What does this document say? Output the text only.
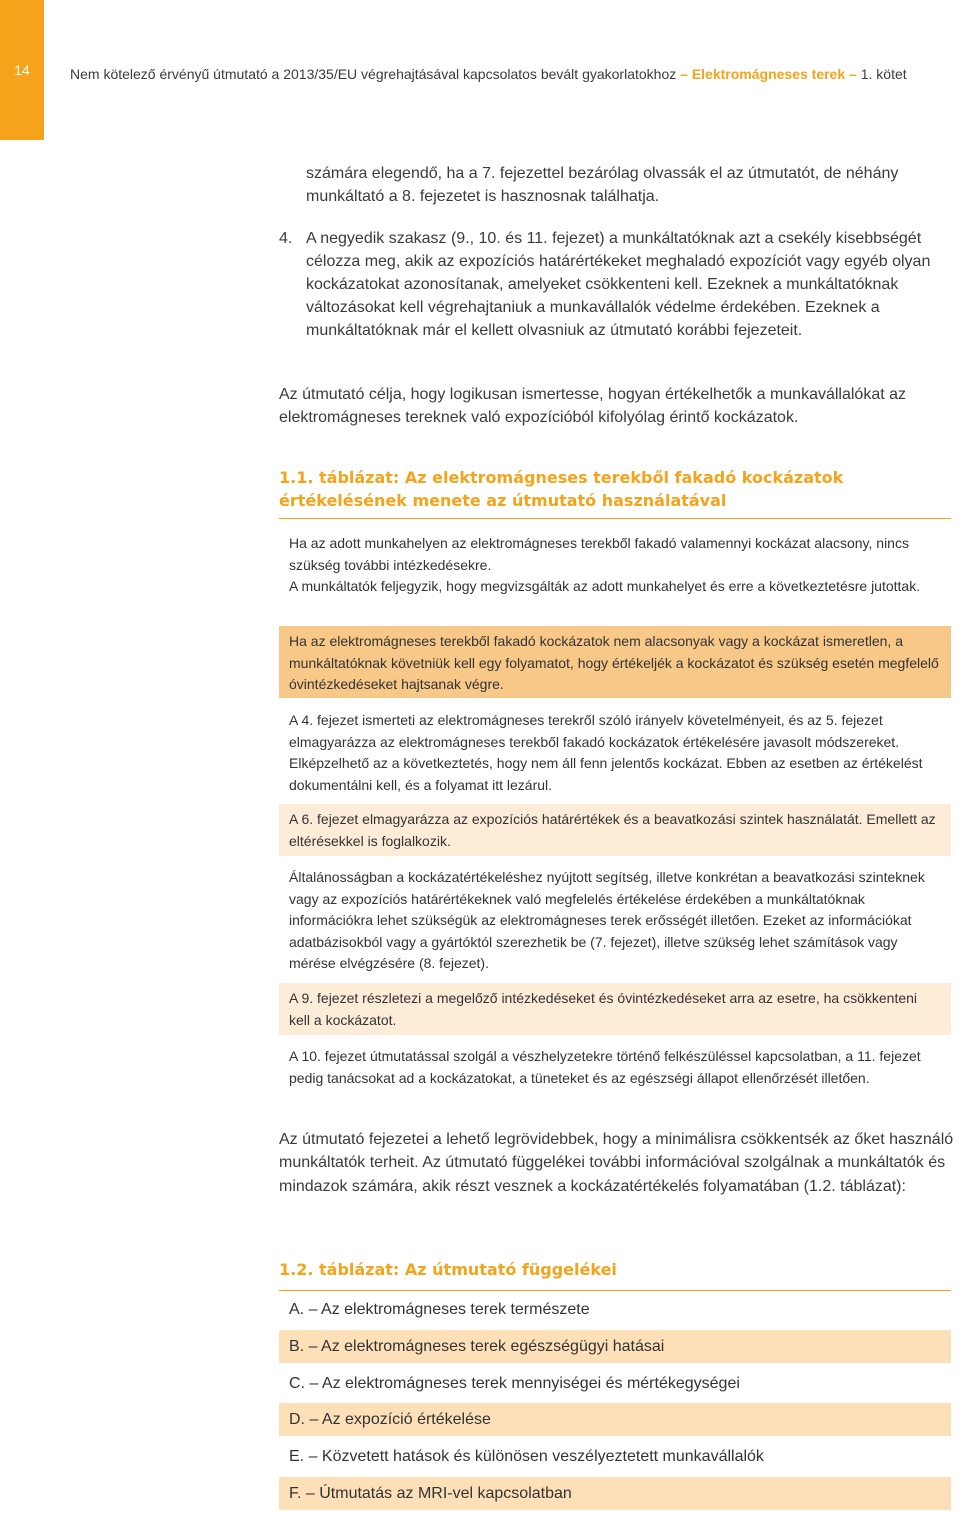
14	Nem kötelező érvényű útmutató a 2013/35/EU végrehajtásával kapcsolatos bevált gyakorlatokhoz – Elektromágneses terek – 1. kötet
számára elegendő, ha a 7. fejezettel bezárólag olvassák el az útmutatót, de néhány munkáltató a 8. fejezetet is hasznosnak találhatja.
4. A negyedik szakasz (9., 10. és 11. fejezet) a munkáltatóknak azt a csekély kisebbségét célozza meg, akik az expozíciós határértékeket meghaladó expozíciót vagy egyéb olyan kockázatokat azonosítanak, amelyeket csökkenteni kell. Ezeknek a munkáltatóknak változásokat kell végrehajtaniuk a munkavállalók védelme érdekében. Ezeknek a munkáltatóknak már el kellett olvasniuk az útmutató korábbi fejezeteit.
Az útmutató célja, hogy logikusan ismertesse, hogyan értékelhetők a munkavállalókat az elektromágneses tereknek való expozícióból kifolyólag érintő kockázatok.
1.1. táblázat: Az elektromágneses terekből fakadó kockázatok értékelésének menete az útmutató használatával
Ha az adott munkahelyen az elektromágneses terekből fakadó valamennyi kockázat alacsony, nincs szükség további intézkedésekre.
A munkáltatók feljegyzik, hogy megvizsgálták az adott munkahelyet és erre a következtetésre jutottak.
Ha az elektromágneses terekből fakadó kockázatok nem alacsonyak vagy a kockázat ismeretlen, a munkáltatóknak követniük kell egy folyamatot, hogy értékeljék a kockázatot és szükség esetén megfelelő óvintézkedéseket hajtsanak végre.
A 4. fejezet ismerteti az elektromágneses terekről szóló irányelv követelményeit, és az 5. fejezet elmagyarázza az elektromágneses terekből fakadó kockázatok értékelésére javasolt módszereket. Elképzelhető az a következtetés, hogy nem áll fenn jelentős kockázat. Ebben az esetben az értékelést dokumentálni kell, és a folyamat itt lezárul.
A 6. fejezet elmagyarázza az expozíciós határértékek és a beavatkozási szintek használatát. Emellett az eltérésekkel is foglalkozik.
Általánosságban a kockázatértékeléshez nyújtott segítség, illetve konkrétan a beavatkozási szinteknek vagy az expozíciós határértékeknek való megfelelés értékelése érdekében a munkáltatóknak információkra lehet szükségük az elektromágneses terek erősségét illetően. Ezeket az információkat adatbázisokból vagy a gyártóktól szerezhetik be (7. fejezet), illetve szükség lehet számítások vagy mérése elvégzésére (8. fejezet).
A 9. fejezet részletezi a megelőző intézkedéseket és óvintézkedéseket arra az esetre, ha csökkenteni kell a kockázatot.
A 10. fejezet útmutatással szolgál a vészhelyzetekre történő felkészüléssel kapcsolatban, a 11. fejezet pedig tanácsokat ad a kockázatokat, a tüneteket és az egészségi állapot ellenőrzését illetően.
Az útmutató fejezetei a lehető legrövidebbek, hogy a minimálisra csökkentsék az őket használó munkáltatók terheit. Az útmutató függelékei további információval szolgálnak a munkáltatók és mindazok számára, akik részt vesznek a kockázatértékelés folyamatában (1.2. táblázat):
1.2. táblázat: Az útmutató függelékei
A. – Az elektromágneses terek természete
B. – Az elektromágneses terek egészségügyi hatásai
C. – Az elektromágneses terek mennyiségei és mértékegységei
D. – Az expozíció értékelése
E. – Közvetett hatások és különösen veszélyeztetett munkavállalók
F. – Útmutatás az MRI-vel kapcsolatban
